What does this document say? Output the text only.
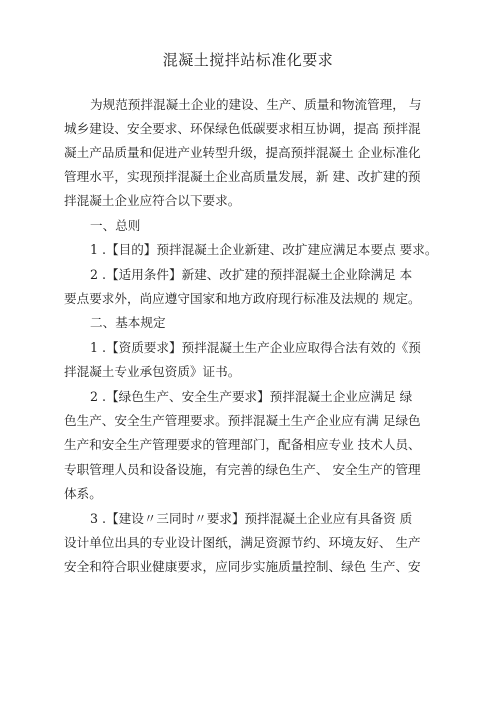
混凝土搅拌站标准化要求
为规范预拌混凝土企业的建设、生产、质量和物流管理， 与
城乡建设、安全要求、环保绿色低碳要求相互协调，提高 预拌混
凝土产品质量和促进产业转型升级，提高预拌混凝土 企业标准化
管理水平，实现预拌混凝土企业高质量发展，新 建、改扩建的预
拌混凝土企业应符合以下要求。
一、总则
1 .【目的】预拌混凝土企业新建、改扩建应满足本要点 要求。
2 .【适用条件】新建、改扩建的预拌混凝土企业除满足 本
要点要求外，尚应遵守国家和地方政府现行标准及法规的 规定。
二、基本规定
1 .【资质要求】预拌混凝土生产企业应取得合法有效的《预
拌混凝土专业承包资质》证书。
2 .【绿色生产、安全生产要求】预拌混凝土企业应满足 绿
色生产、安全生产管理要求。预拌混凝土生产企业应有满 足绿色
生产和安全生产管理要求的管理部门，配备相应专业 技术人员、
专职管理人员和设备设施，有完善的绿色生产、 安全生产的管理
体系。
3 .【建设〃三同时〃要求】预拌混凝土企业应有具备资 质
设计单位出具的专业设计图纸，满足资源节约、环境友好、 生产
安全和符合职业健康要求，应同步实施质量控制、绿色 生产、安
